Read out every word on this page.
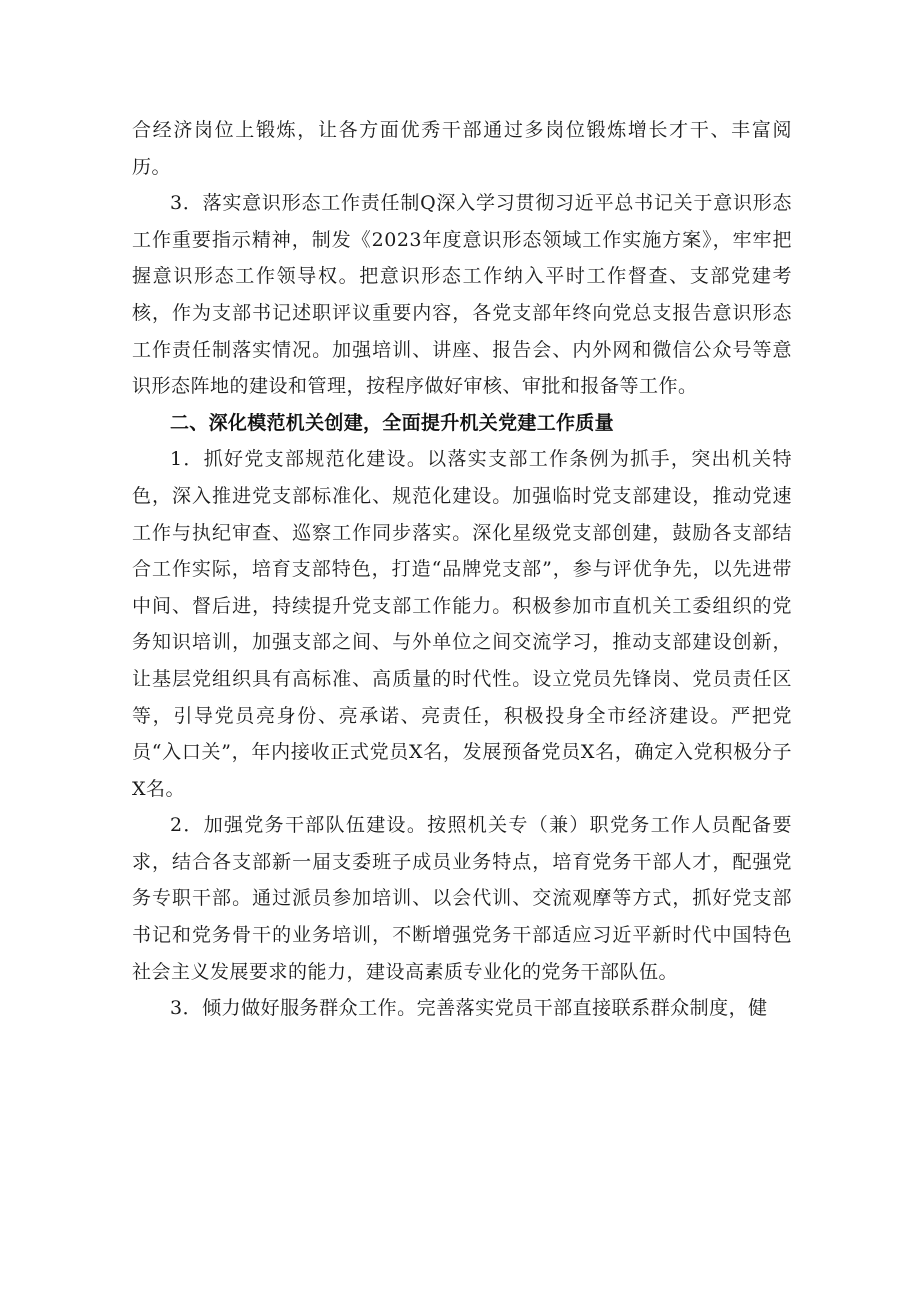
合经济岗位上锻炼，让各方面优秀干部通过多岗位锻炼增长才干、丰富阅历。

3．落实意识形态工作责任制Q深入学习贯彻习近平总书记关于意识形态工作重要指示精神，制发《2023年度意识形态领域工作实施方案》，牢牢把握意识形态工作领导权。把意识形态工作纳入平时工作督查、支部党建考核，作为支部书记述职评议重要内容，各党支部年终向党总支报告意识形态工作责任制落实情况。加强培训、讲座、报告会、内外网和微信公众号等意识形态阵地的建设和管理，按程序做好审核、审批和报备等工作。

二、深化模范机关创建，全面提升机关党建工作质量

1．抓好党支部规范化建设。以落实支部工作条例为抓手，突出机关特色，深入推进党支部标准化、规范化建设。加强临时党支部建设，推动党速工作与执纪审查、巡察工作同步落实。深化星级党支部创建，鼓励各支部结合工作实际，培育支部特色，打造“品牌党支部”，参与评优争先，以先进带中间、督后进，持续提升党支部工作能力。积极参加市直机关工委组织的党务知识培训，加强支部之间、与外单位之间交流学习，推动支部建设创新，让基层党组织具有高标准、高质量的时代性。设立党员先锋岗、党员责任区等，引导党员亮身份、亮承诺、亮责任，积极投身全市经济建设。严把党员“入口关”，年内接收正式党员X名，发展预备党员X名，确定入党积极分子X名。

2．加强党务干部队伍建设。按照机关专（兼）职党务工作人员配备要求，结合各支部新一届支委班子成员业务特点，培育党务干部人才，配强党务专职干部。通过派员参加培训、以会代训、交流观摩等方式，抓好党支部书记和党务骨干的业务培训，不断增强党务干部适应习近平新时代中国特色社会主义发展要求的能力，建设高素质专业化的党务干部队伍。

3．倾力做好服务群众工作。完善落实党员干部直接联系群众制度，健
